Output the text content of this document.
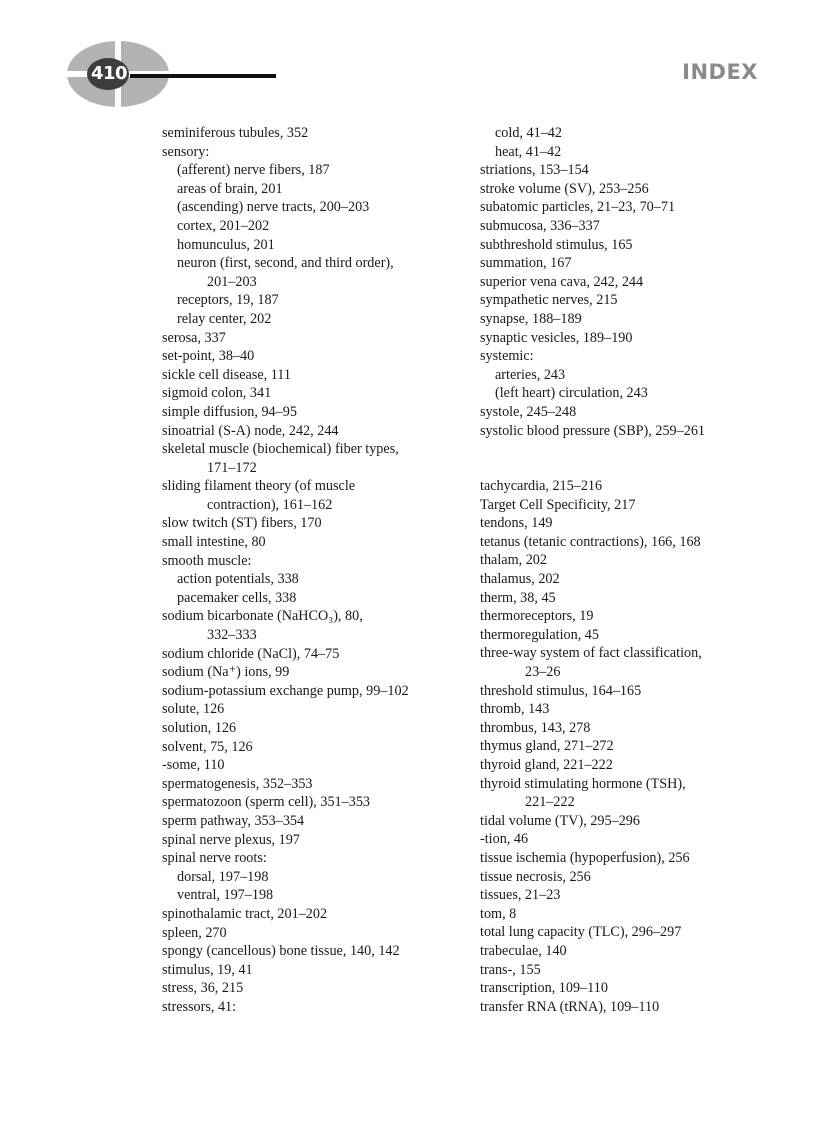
410	INDEX
seminiferous tubules, 352
sensory:
(afferent) nerve fibers, 187
areas of brain, 201
(ascending) nerve tracts, 200–203
cortex, 201–202
homunculus, 201
neuron (first, second, and third order),
201–203
receptors, 19, 187
relay center, 202
serosa, 337
set-point, 38–40
sickle cell disease, 111
sigmoid colon, 341
simple diffusion, 94–95
sinoatrial (S-A) node, 242, 244
skeletal muscle (biochemical) fiber types,
171–172
sliding filament theory (of muscle
contraction), 161–162
slow twitch (ST) fibers, 170
small intestine, 80
smooth muscle:
action potentials, 338
pacemaker cells, 338
sodium bicarbonate (NaHCO₃), 80,
332–333
sodium chloride (NaCl), 74–75
sodium (Na⁺) ions, 99
sodium-potassium exchange pump, 99–102
solute, 126
solution, 126
solvent, 75, 126
-some, 110
spermatogenesis, 352–353
spermatozoon (sperm cell), 351–353
sperm pathway, 353–354
spinal nerve plexus, 197
spinal nerve roots:
dorsal, 197–198
ventral, 197–198
spinothalamic tract, 201–202
spleen, 270
spongy (cancellous) bone tissue, 140, 142
stimulus, 19, 41
stress, 36, 215
stressors, 41:
cold, 41–42
heat, 41–42
striations, 153–154
stroke volume (SV), 253–256
subatomic particles, 21–23, 70–71
submucosa, 336–337
subthreshold stimulus, 165
summation, 167
superior vena cava, 242, 244
sympathetic nerves, 215
synapse, 188–189
synaptic vesicles, 189–190
systemic:
arteries, 243
(left heart) circulation, 243
systole, 245–248
systolic blood pressure (SBP), 259–261
tachycardia, 215–216
Target Cell Specificity, 217
tendons, 149
tetanus (tetanic contractions), 166, 168
thalam, 202
thalamus, 202
therm, 38, 45
thermoreceptors, 19
thermoregulation, 45
three-way system of fact classification,
23–26
threshold stimulus, 164–165
thromb, 143
thrombus, 143, 278
thymus gland, 271–272
thyroid gland, 221–222
thyroid stimulating hormone (TSH),
221–222
tidal volume (TV), 295–296
-tion, 46
tissue ischemia (hypoperfusion), 256
tissue necrosis, 256
tissues, 21–23
tom, 8
total lung capacity (TLC), 296–297
trabeculae, 140
trans-, 155
transcription, 109–110
transfer RNA (tRNA), 109–110
